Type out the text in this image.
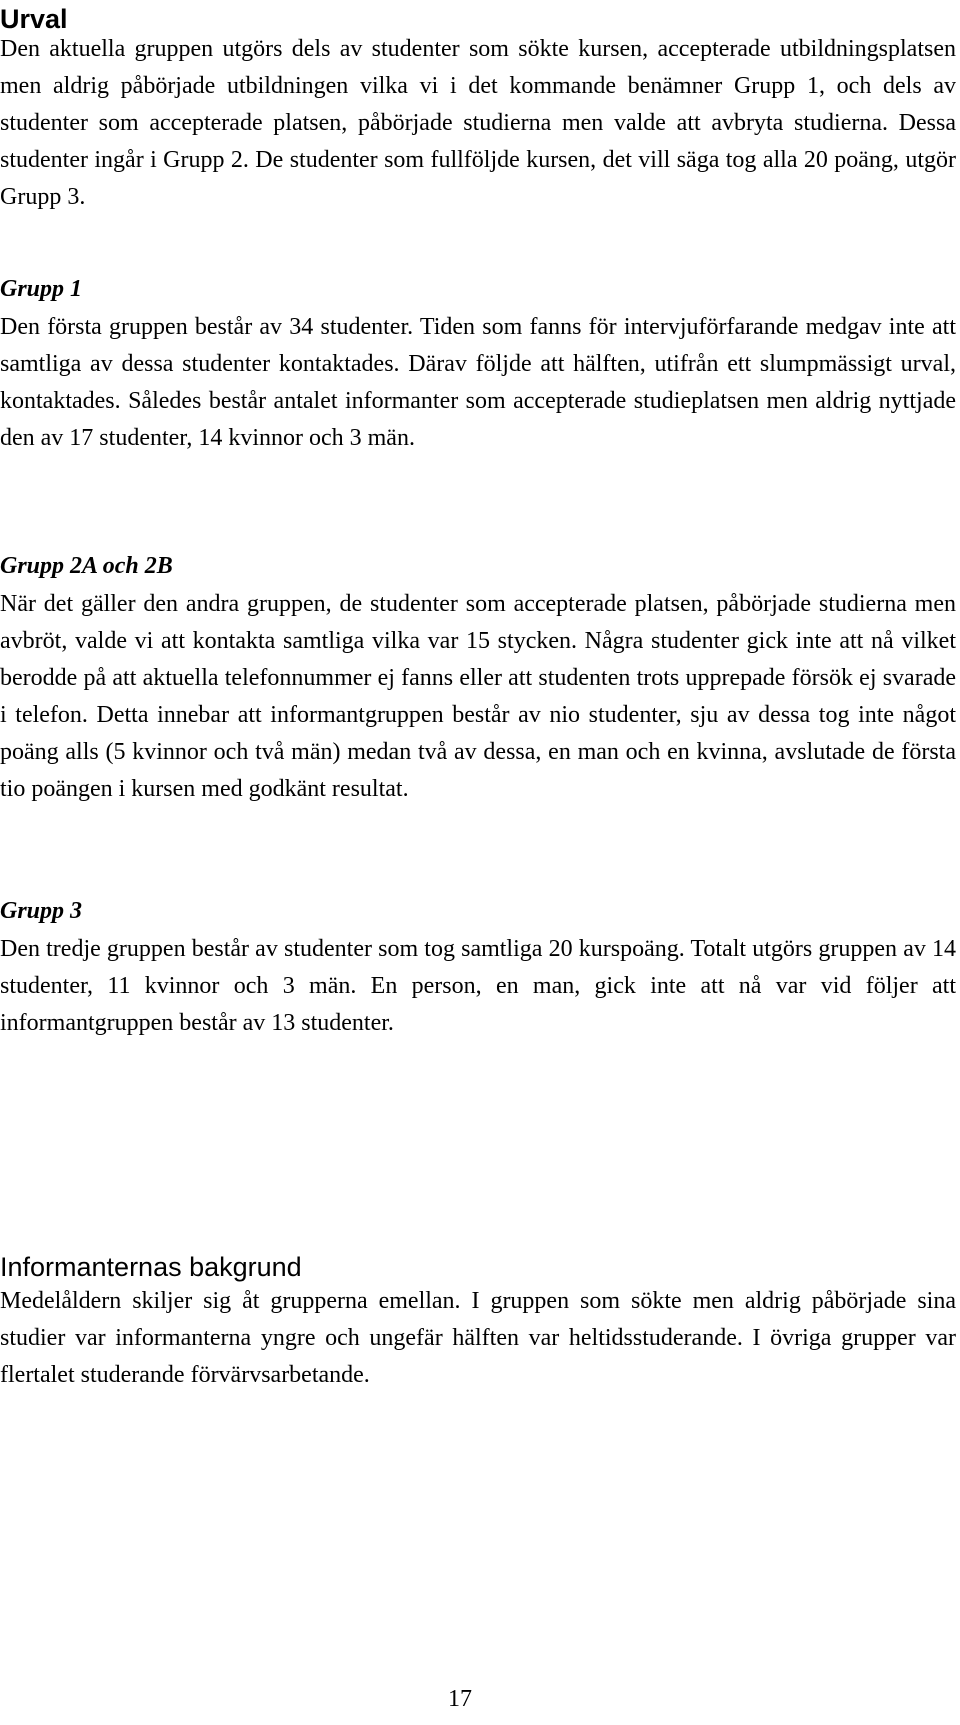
Urval

Den aktuella gruppen utgörs dels av studenter som sökte kursen, accepterade utbildningsplatsen men aldrig påbörjade utbildningen vilka vi i det kommande benämner Grupp 1, och dels av studenter som accepterade platsen, påbörjade studierna men valde att avbryta studierna. Dessa studenter ingår i Grupp 2. De studenter som fullföljde kursen, det vill säga tog alla 20 poäng, utgör Grupp 3.

Grupp 1

Den första gruppen består av 34 studenter. Tiden som fanns för intervjuförfarande medgav inte att samtliga av dessa studenter kontaktades. Därav följde att hälften, utifrån ett slumpmässigt urval, kontaktades. Således består antalet informanter som accepterade studieplatsen men aldrig nyttjade den av 17 studenter, 14 kvinnor och 3 män.

Grupp 2A och 2B

När det gäller den andra gruppen, de studenter som accepterade platsen, påbörjade studierna men avbröt, valde vi att kontakta samtliga vilka var 15 stycken. Några studenter gick inte att nå vilket berodde på att aktuella telefonnummer ej fanns eller att studenten trots upprepade försök ej svarade i telefon. Detta innebar att informantgruppen består av nio studenter, sju av dessa tog inte något poäng alls (5 kvinnor och två män) medan två av dessa, en man och en kvinna, avslutade de första tio poängen i kursen med godkänt resultat.

Grupp 3

Den tredje gruppen består av studenter som tog samtliga 20 kurspoäng. Totalt utgörs gruppen av 14 studenter, 11 kvinnor och 3 män. En person, en man, gick inte att nå var vid följer att informantgruppen består av 13 studenter.

Informanternas bakgrund

Medelåldern skiljer sig åt grupperna emellan. I gruppen som sökte men aldrig påbörjade sina studier var informanterna yngre och ungefär hälften var heltidsstuderande. I övriga grupper var flertalet studerande förvärvsarbetande.

17
